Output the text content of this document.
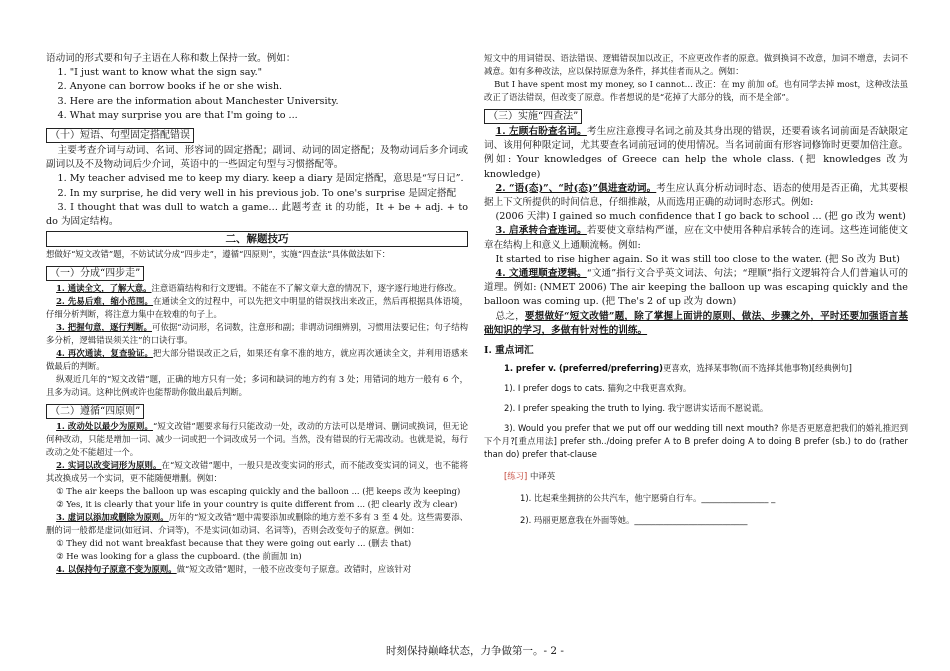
语动词的形式要和句子主语在人称和数上保持一致。例如：

1. "I just want to know what the sign say."

2. Anyone can borrow books if he or she wish.

3. Here are the information about Manchester University.

4. What may surprise you are that I'm going to ...

（十）短语、句型固定搭配错误

主要考查介词与动词、名词、形容词的固定搭配；副词、动词的固定搭配；及物动词后多介词或副词以及不及物动词后少介词，英语中的一些固定句型与习惯搭配等。

1. My teacher advised me to keep my diary. keep a diary 是固定搭配，意思是“写日记”.

2. In my surprise, he did very well in his previous job. To one's surprise 是固定搭配

3. I thought that was dull to watch a game… 此题考查 it 的功能，It + be + adj. + to do 为固定结构。

二、解题技巧

想做好“短文改错”题，不妨试试分成“四步走”，遵循“四原则”，实施“四查法”具体做法如下：

（一）分成“四步走”

1. 通读全文，了解大意。注意语篇结构和行文逻辑。不能在不了解文章大意的情况下，逐字逐行地进行修改。

2. 先易后难，缩小范围。在通读全文的过程中，可以先把文中明显的错误找出来改正，然后再根据具体语境，仔细分析判断，将注意力集中在较难的句子上。

3. 把握句意，逐行判断。可依据“动词形，名词数，注意形和副；非谓动词细辨别，习惯用法要记住；句子结构多分析，逻辑错误须关注”的口诀行事。

4. 再次通读，复查验证。把大部分错误改正之后，如果还有拿不准的地方，就应再次通读全文，并利用语感来做最后的判断。

纵观近几年的“短文改错”题，正确的地方只有一处；多词和缺词的地方约有 3 处；用错词的地方一般有 6 个，且多为动词。这种比例或许也能帮助你做出最后判断。

（二）遵循“四原则”

1. 改动处以最少为原则。“短文改错”题要求每行只能改动一处，改动的方法可以是增词、删词或换词，但无论何种改动，只能是增加一词、减少一词或把一个词改成另一个词。当然，没有错误的行无需改动。也就是说，每行改动之处不能超过一个。

2. 实词以改变词形为原则。在“短文改错”题中，一般只是改变实词的形式，而不能改变实词的词义，也不能将其改换成另一个实词，更不能随便增删。例如：

① The air keeps the balloon up was escaping quickly and the balloon ... (把 keeps 改为 keeping)

② Yes, it is clearly that your life in your country is quite different from ... (把 clearly 改为 clear)

3. 虚词以添加或删除为原则。历年的“短文改错”题中需要添加或删除的地方差不多有 3 至 4 处。这些需要添、删的词一般都是虚词(如冠词、介词等)，不是实词(如动词、名词等)，否则会改变句子的原意。例如：

① They did not want breakfast because that they were going out early ... (删去 that)

② He was looking for a glass the cupboard. (the 前面加 in)

4. 以保持句子原意不变为原则。做“短文改错”题时，一般不应改变句子原意。改错时，应该针对

短文中的用词错误、语法错误、逻辑错误加以改正，不应更改作者的原意。做到换词不改意，加词不增意，去词不减意。如有多种改法，应以保持原意为条件，择其佳者而从之。例如：

But I have spent most my money, so I cannot… 改正：在 my 前加 of。也有同学去掉 most，这种改法虽改正了语法错误，但改变了原意。作者想说的是“花掉了大部分的钱，而不是全部”。

（三）实施“四查法”

1. 左顾右盼查名词。考生应注意搜寻名词之前及其身出现的错误，还要看该名词前面是否缺限定词、该用何种限定词，尤其要查名词前冠词的使用情况。当名词前面有形容词修饰时更要加倍注意。例如: Your knowledges of Greece can help the whole class. (把 knowledges 改为 knowledge)

2. “语(态)”、“时(态)”俱进查动词。考生应认真分析动词时态、语态的使用是否正确，尤其要根据上下文所提供的时间信息，仔细推敲，从而选用正确的动词时态形式。例如:

(2006 天津) I gained so much confidence that I go back to school ... (把 go 改为 went)

3. 启承转合查连词。若要使文章结构严谨，应在文中使用各种启承转合的连词。这些连词能使文章在结构上和意义上通顺流畅。例如:

It started to rise higher again. So it was still too close to the water. (把 So 改为 But)

4. 文通理顺查逻辑。“文通”指行文合乎英文词法、句法；“理顺”指行文逻辑符合人们普遍认可的道理。例如: (NMET 2006) The air keeping the balloon up was escaping quickly and the balloon was coming up. (把 The's 2 of up 改为 down)

总之，要想做好“短文改错”题，除了掌握上面讲的原则、做法、步骤之外，平时还要加强语言基础知识的学习，多做有针对性的训练。

I. 重点词汇

1. prefer v. (preferred/preferring)更喜欢，选择某事物(而不选择其他事物)[经典例句]

1). I prefer dogs to cats. 猫狗之中我更喜欢狗。

2). I prefer speaking the truth to lying. 我宁愿讲实话而不愿说谎。

3). Would you prefer that we put off our wedding till next mouth? 你是否更愿意把我们的婚礼推迟到下个月?[重点用法] prefer sth../doing prefer A to B prefer doing A to doing B prefer (sb.) to do (rather than do) prefer that-clause

[练习] 中译英

1). 比起乘坐拥挤的公共汽车，他宁愿骑自行车。________________ _

2). 玛丽更愿意我在外面等她。___________________________

时刻保持巅峰状态，力争做第一。- 2 -
